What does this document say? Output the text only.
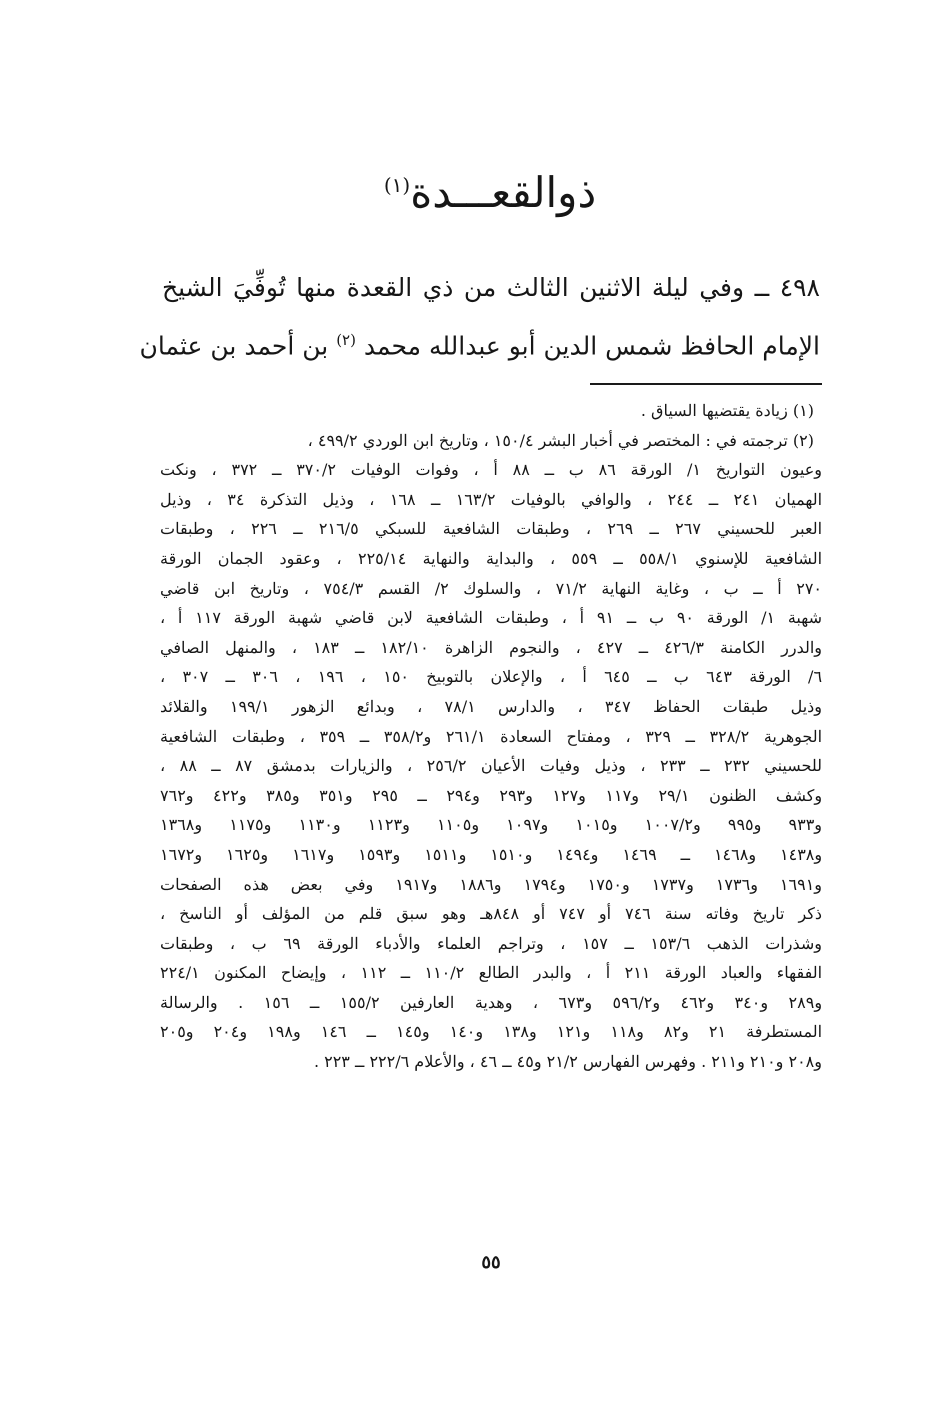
ذوالقعـــدة$^{(١)}$
٤٩٨ ــ وفي ليلة الاثنين الثالث من ذي القعدة منها تُوفِّيَ الشيخ
الإمام الحافظ شمس الدين أبو عبدالله محمد $^{(٢)}$ بن أحمد بن عثمان
(١) زيادة يقتضيها السياق .
(٢) ترجمته في : المختصر في أخبار البشر ١٥٠/٤ ، وتاريخ ابن الوردي ٤٩٩/٢ ،
وعيون التواريخ ١/ الورقة ٨٦ ب ــ ٨٨ أ ، وفوات الوفيات ٣٧٠/٢ ــ ٣٧٢ ، ونكت
الهميان ٢٤١ ــ ٢٤٤ ، والوافي بالوفيات ١٦٣/٢ ــ ١٦٨ ، وذيل التذكرة ٣٤ ، وذيل
العبر للحسيني ٢٦٧ ــ ٢٦٩ ، وطبقات الشافعية للسبكي ٢١٦/٥ ــ ٢٢٦ ، وطبقات
الشافعية للإسنوي ٥٥٨/١ ــ ٥٥٩ ، والبداية والنهاية ٢٢٥/١٤ ، وعقود الجمان الورقة
٢٧٠ أ ــ ب ، وغاية النهاية ٧١/٢ ، والسلوك ٢/ القسم ٧٥٤/٣ ، وتاريخ ابن قاضي
شهبة ١/ الورقة ٩٠ ب ــ ٩١ أ ، وطبقات الشافعية لابن قاضي شهبة الورقة ١١٧ أ ،
والدرر الكامنة ٤٢٦/٣ ــ ٤٢٧ ، والنجوم الزاهرة ١٨٢/١٠ ــ ١٨٣ ، والمنهل الصافي
٦/ الورقة ٦٤٣ ب ــ ٦٤٥ أ ، والإعلان بالتوبيخ ١٥٠ ، ١٩٦ ، ٣٠٦ ــ ٣٠٧ ،
وذيل طبقات الحفاظ ٣٤٧ ، والدارس ٧٨/١ ، وبدائع الزهور ١٩٩/١ والقلائد
الجوهرية ٣٢٨/٢ ــ ٣٢٩ ، ومفتاح السعادة ٢٦١/١ و٣٥٨/٢ ــ ٣٥٩ ، وطبقات الشافعية
للحسيني ٢٣٢ ــ ٢٣٣ ، وذيل وفيات الأعيان ٢٥٦/٢ ، والزيارات بدمشق ٨٧ ــ ٨٨ ،
وكشف الظنون ٢٩/١ و١١٧ و١٢٧ و٢٩٣ و٢٩٤ ــ ٢٩٥ و٣٥١ و٣٨٥ و٤٢٢ و٧٦٢
و٩٣٣ و٩٩٥ و١٠٠٧/٢ و١٠١٥ و١٠٩٧ و١١٠٥ و١١٢٣ و١١٣٠ و١١٧٥ و١٣٦٨
و١٤٣٨ و١٤٦٨ ــ ١٤٦٩ و١٤٩٤ و١٥١٠ و١٥١١ و١٥٩٣ و١٦١٧ و١٦٢٥ و١٦٧٢
و١٦٩١ و١٧٣٦ و١٧٣٧ و١٧٥٠ و١٧٩٤ و١٨٨٦ و١٩١٧ وفي بعض هذه الصفحات
ذكر تاريخ وفاته سنة ٧٤٦ أو ٧٤٧ أو ٨٤٨هـ وهو سبق قلم من المؤلف أو الناسخ ،
وشذرات الذهب ١٥٣/٦ ــ ١٥٧ ، وتراجم العلماء والأدباء الورقة ٦٩ ب ، وطبقات
الفقهاء والعباد الورقة ٢١١ أ ، والبدر الطالع ١١٠/٢ ــ ١١٢ ، وإيضاح المكنون ٢٢٤/١
و٢٨٩ و٣٤٠ و٤٦٢ و٥٩٦/٢ و٦٧٣ ، وهدية العارفين ١٥٥/٢ ــ ١٥٦ . والرسالة
المستطرفة ٢١ و٨٢ و١١٨ و١٢١ و١٣٨ و١٤٠ و١٤٥ ــ ١٤٦ و١٩٨ و٢٠٤ و٢٠٥
و٢٠٨ و٢١٠ و٢١١ . وفهرس الفهارس ٢١/٢ و٤٥ ــ ٤٦ ، والأعلام ٢٢٢/٦ ــ ٢٢٣ .
٥٥
